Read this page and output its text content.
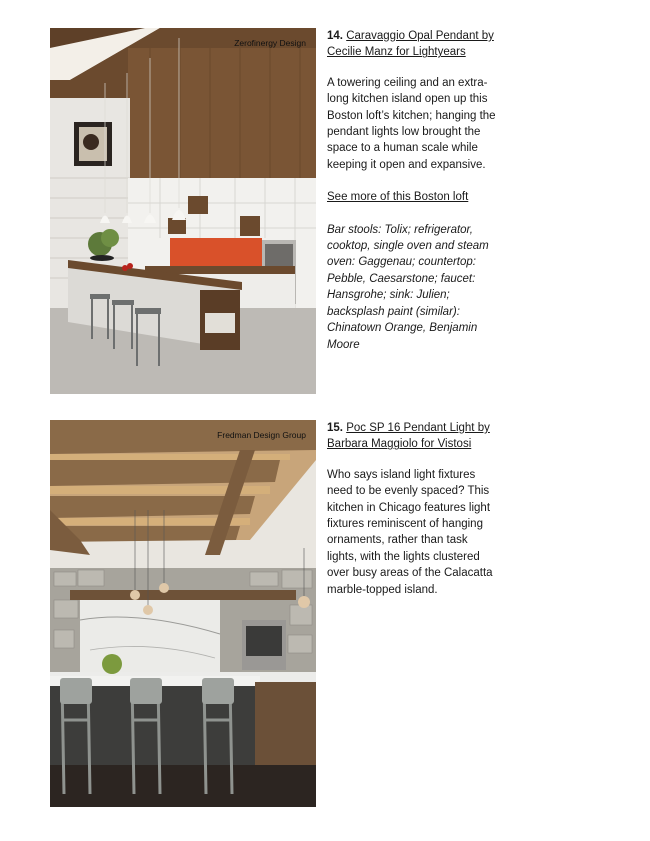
Zerofinergy Design

14. Caravaggio Opal Pendant by Cecilie Manz for Lightyears

A towering ceiling and an extra-long kitchen island open up this Boston loft’s kitchen; hanging the pendant lights low brought the space to a human scale while keeping it open and expansive.

See more of this Boston loft

Bar stools: Tolix; refrigerator, cooktop, single oven and steam oven: Gaggenau; countertop: Pebble, Caesarstone; faucet: Hansgrohe; sink: Julien; backsplash paint (similar): Chinatown Orange, Benjamin Moore

Fredman Design Group

15. Poc SP 16 Pendant Light by Barbara Maggiolo for Vistosi

Who says island light fixtures need to be evenly spaced? This kitchen in Chicago features light fixtures reminiscent of hanging ornaments, rather than task lights, with the lights clustered over busy areas of the Calacatta marble-topped island.
